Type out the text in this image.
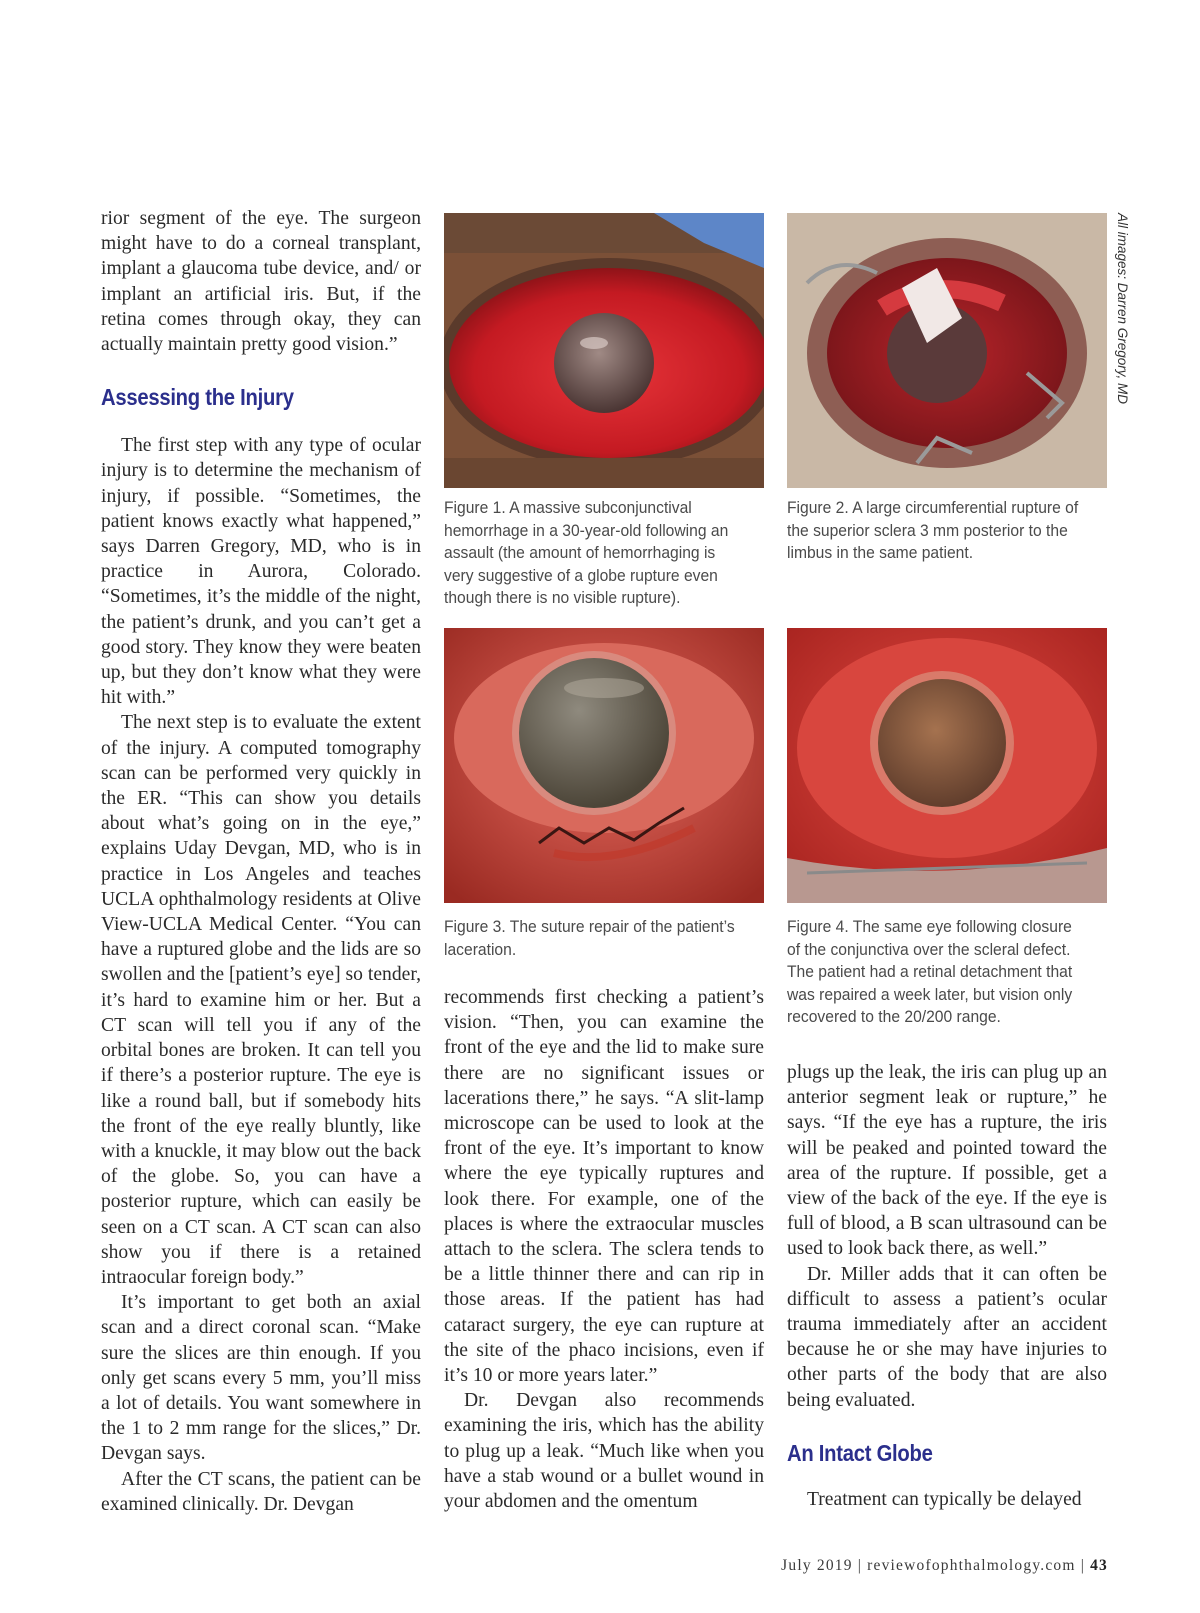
rior segment of the eye. The surgeon might have to do a corneal transplant, implant a glaucoma tube device, and/ or implant an artificial iris. But, if the retina comes through okay, they can actually maintain pretty good vision.”

Assessing the Injury

The first step with any type of ocular injury is to determine the mechanism of injury, if possible. “Sometimes, the patient knows exactly what happened,” says Darren Gregory, MD, who is in practice in Aurora, Colorado. “Sometimes, it’s the middle of the night, the patient’s drunk, and you can’t get a good story. They know they were beaten up, but they don’t know what they were hit with.”

The next step is to evaluate the extent of the injury. A computed tomography scan can be performed very quickly in the ER. “This can show you details about what’s going on in the eye,” explains Uday Devgan, MD, who is in practice in Los Angeles and teaches UCLA ophthalmology residents at Olive View-UCLA Medical Center. “You can have a ruptured globe and the lids are so swollen and the [patient’s eye] so tender, it’s hard to examine him or her. But a CT scan will tell you if any of the orbital bones are broken. It can tell you if there’s a posterior rupture. The eye is like a round ball, but if somebody hits the front of the eye really bluntly, like with a knuckle, it may blow out the back of the globe. So, you can have a posterior rupture, which can easily be seen on a CT scan. A CT scan can also show you if there is a retained intraocular foreign body.”

It’s important to get both an axial scan and a direct coronal scan. “Make sure the slices are thin enough. If you only get scans every 5 mm, you’ll miss a lot of details. You want somewhere in the 1 to 2 mm range for the slices,” Dr. Devgan says.

After the CT scans, the patient can be examined clinically. Dr. Devgan

Figure 1. A massive subconjunctival hemorrhage in a 30-year-old following an assault (the amount of hemorrhaging is very suggestive of a globe rupture even though there is no visible rupture).
Figure 2. A large circumferential rupture of the superior sclera 3 mm posterior to the limbus in the same patient.
All images: Darren Gregory, MD
Figure 3. The suture repair of the patient’s laceration.
Figure 4. The same eye following closure of the conjunctiva over the scleral defect. The patient had a retinal detachment that was repaired a week later, but vision only recovered to the 20/200 range.

recommends first checking a patient’s vision. “Then, you can examine the front of the eye and the lid to make sure there are no significant issues or lacerations there,” he says. “A slit-lamp microscope can be used to look at the front of the eye. It’s important to know where the eye typically ruptures and look there. For example, one of the places is where the extraocular muscles attach to the sclera. The sclera tends to be a little thinner there and can rip in those areas. If the patient has had cataract surgery, the eye can rupture at the site of the phaco incisions, even if it’s 10 or more years later.”

Dr. Devgan also recommends examining the iris, which has the ability to plug up a leak. “Much like when you have a stab wound or a bullet wound in your abdomen and the omentum

plugs up the leak, the iris can plug up an anterior segment leak or rupture,” he says. “If the eye has a rupture, the iris will be peaked and pointed toward the area of the rupture. If possible, get a view of the back of the eye. If the eye is full of blood, a B scan ultrasound can be used to look back there, as well.”

Dr. Miller adds that it can often be difficult to assess a patient’s ocular trauma immediately after an accident because he or she may have injuries to other parts of the body that are also being evaluated.

An Intact Globe

Treatment can typically be delayed

July 2019 | reviewofophthalmology.com | 43
